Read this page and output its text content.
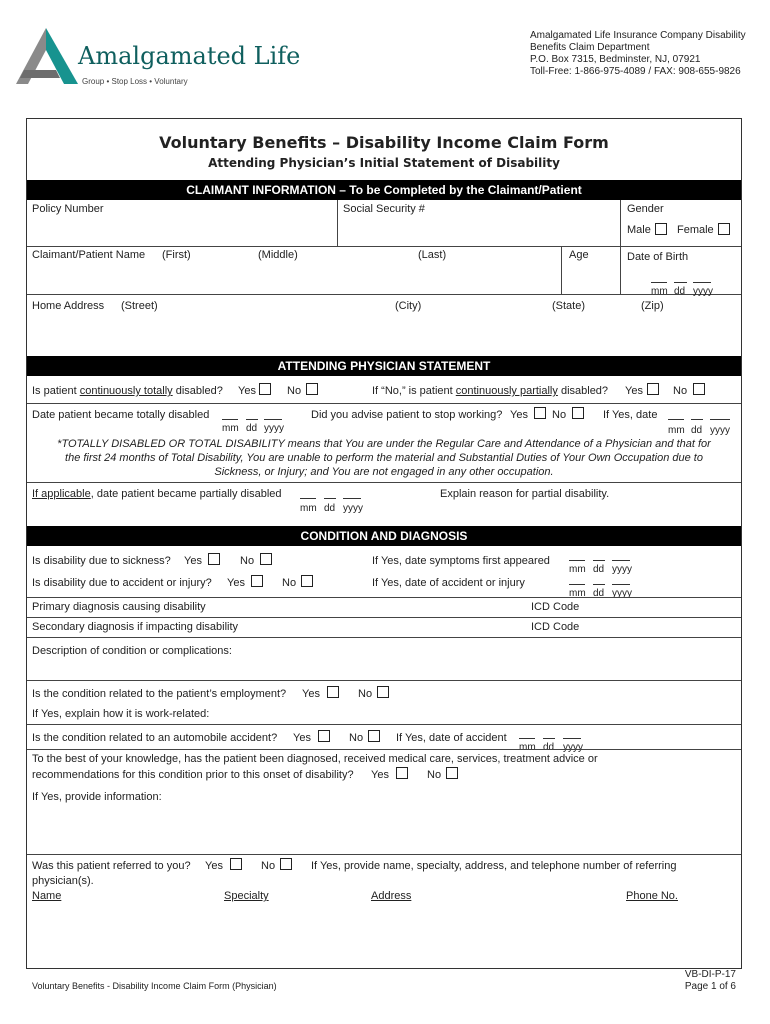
Amalgamated Life
Group • Stop Loss • Voluntary
Amalgamated Life Insurance Company Disability
Benefits Claim Department
P.O. Box 7315, Bedminster, NJ, 07921
Toll-Free: 1-866-975-4089 / FAX: 908-655-9826
Voluntary Benefits – Disability Income Claim Form
Attending Physician’s Initial Statement of Disability
CLAIMANT INFORMATION – To be Completed by the Claimant/Patient
Policy Number	Social Security #	Gender
Male Female
Claimant/Patient Name (First)	(Middle)	(Last)	Age	Date of Birth
mm dd yyyy
Home Address (Street)	(City)	(State)	(Zip)
ATTENDING PHYSICIAN STATEMENT
Is patient continuously totally disabled? Yes	No	If “No,” is patient continuously partially disabled? Yes	No
Date patient became totally disabled
mm dd yyyy
Did you advise patient to stop working? Yes No	If Yes, date
mm dd yyyy
*TOTALLY DISABLED OR TOTAL DISABILITY means that You are under the Regular Care and Attendance of a Physician and that for
the first 24 months of Total Disability, You are unable to perform the material and Substantial Duties of Your Own Occupation due to
Sickness, or Injury; and You are not engaged in any other occupation.
If applicable, date patient became partially disabled
mm dd yyyy
Explain reason for partial disability.
CONDITION AND DIAGNOSIS
Is disability due to sickness? Yes	No	If Yes, date symptoms first appeared
mm dd yyyy
Is disability due to accident or injury? Yes	No	If Yes, date of accident or injury
mm dd yyyy
Primary diagnosis causing disability	ICD Code
Secondary diagnosis if impacting disability	ICD Code
Description of condition or complications:
Is the condition related to the patient’s employment? Yes	No
If Yes, explain how it is work-related:
Is the condition related to an automobile accident? Yes	No	If Yes, date of accident
mm dd yyyy
To the best of your knowledge, has the patient been diagnosed, received medical care, services, treatment advice or
recommendations for this condition prior to this onset of disability? Yes	No
If Yes, provide information:
Was this patient referred to you? Yes	No	If Yes, provide name, specialty, address, and telephone number of referring
physician(s).
Name	Specialty	Address	Phone No.
Voluntary Benefits - Disability Income Claim Form (Physician)
VB-DI-P-17
Page 1 of 6
